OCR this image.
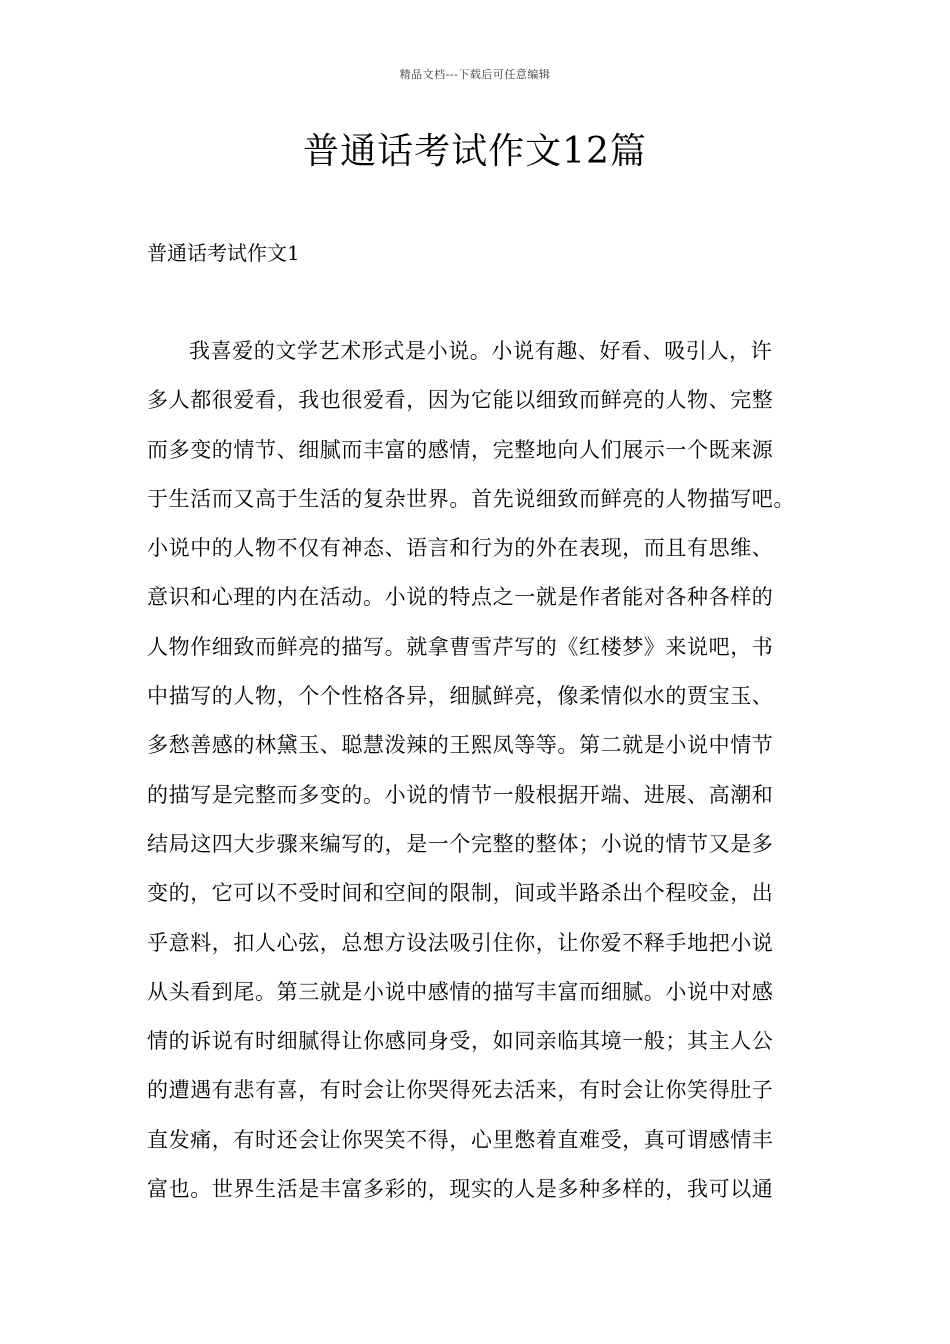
精品文档---下载后可任意编辑
普通话考试作文12篇
普通话考试作文1
我喜爱的文学艺术形式是小说。小说有趣、好看、吸引人，许
多人都很爱看，我也很爱看，因为它能以细致而鲜亮的人物、完整
而多变的情节、细腻而丰富的感情，完整地向人们展示一个既来源
于生活而又高于生活的复杂世界。首先说细致而鲜亮的人物描写吧。
小说中的人物不仅有神态、语言和行为的外在表现，而且有思维、
意识和心理的内在活动。小说的特点之一就是作者能对各种各样的
人物作细致而鲜亮的描写。就拿曹雪芹写的《红楼梦》来说吧，书
中描写的人物，个个性格各异，细腻鲜亮，像柔情似水的贾宝玉、
多愁善感的林黛玉、聪慧泼辣的王熙凤等等。第二就是小说中情节
的描写是完整而多变的。小说的情节一般根据开端、进展、高潮和
结局这四大步骤来编写的，是一个完整的整体；小说的情节又是多
变的，它可以不受时间和空间的限制，间或半路杀出个程咬金，出
乎意料，扣人心弦，总想方设法吸引住你，让你爱不释手地把小说
从头看到尾。第三就是小说中感情的描写丰富而细腻。小说中对感
情的诉说有时细腻得让你感同身受，如同亲临其境一般；其主人公
的遭遇有悲有喜，有时会让你哭得死去活来，有时会让你笑得肚子
直发痛，有时还会让你哭笑不得，心里憋着直难受，真可谓感情丰
富也。世界生活是丰富多彩的，现实的人是多种多样的，我可以通
